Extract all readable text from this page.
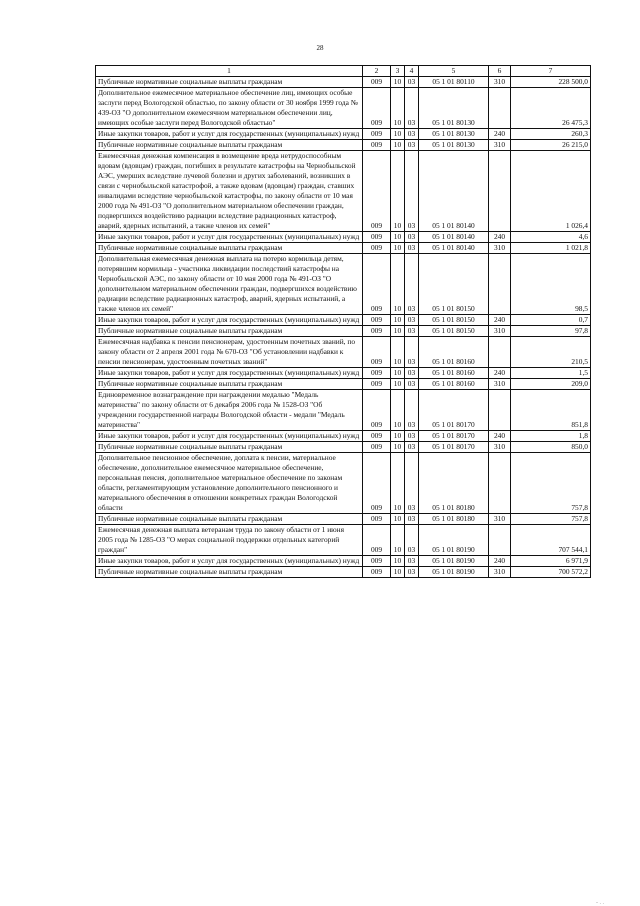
28
1	2	3	4	5	6	7
Публичные нормативные социальные выплаты гражданам	009	10	03	05 1 01 80110	310	228 500,0
Дополнительное ежемесячное материальное обеспечение лиц, имеющих особые заслуги перед Вологодской областью, по закону области от 30 ноября 1999 года № 439-ОЗ "О дополнительном ежемесячном материальном обеспечении лиц, имеющих особые заслуги перед Вологодской областью"	009	10	03	05 1 01 80130		26 475,3
Иные закупки товаров, работ и услуг для государственных (муниципальных) нужд	009	10	03	05 1 01 80130	240	260,3
Публичные нормативные социальные выплаты гражданам	009	10	03	05 1 01 80130	310	26 215,0
Ежемесячная денежная компенсация в возмещение вреда нетрудоспособным вдовам (вдовцам) граждан, погибших в результате катастрофы на Чернобыльской АЭС, умерших вследствие лучевой болезни и других заболеваний, возникших в связи с чернобыльской катастрофой, а также вдовам (вдовцам) граждан, ставших инвалидами вследствие чернобыльской катастрофы, по закону области от 10 мая 2000 года № 491-ОЗ "О дополнительном материальном обеспечении граждан, подвергшихся воздействию радиации вследствие радиационных катастроф, аварий, ядерных испытаний, а также членов их семей"	009	10	03	05 1 01 80140		1 026,4
Иные закупки товаров, работ и услуг для государственных (муниципальных) нужд	009	10	03	05 1 01 80140	240	4,6
Публичные нормативные социальные выплаты гражданам	009	10	03	05 1 01 80140	310	1 021,8
Дополнительная ежемесячная денежная выплата на потерю кормильца детям, потерявшим кормильца - участника ликвидации последствий катастрофы на Чернобыльской АЭС, по закону области от 10 мая 2000 года № 491-ОЗ "О дополнительном материальном обеспечении граждан, подвергшихся воздействию радиации вследствие радиационных катастроф, аварий, ядерных испытаний, а также членов их семей"	009	10	03	05 1 01 80150		98,5
Иные закупки товаров, работ и услуг для государственных (муниципальных) нужд	009	10	03	05 1 01 80150	240	0,7
Публичные нормативные социальные выплаты гражданам	009	10	03	05 1 01 80150	310	97,8
Ежемесячная надбавка к пенсии пенсионерам, удостоенным почетных званий, по закону области от 2 апреля 2001 года № 670-ОЗ "Об установлении надбавки к пенсии пенсионерам, удостоенным почетных званий"	009	10	03	05 1 01 80160		210,5
Иные закупки товаров, работ и услуг для государственных (муниципальных) нужд	009	10	03	05 1 01 80160	240	1,5
Публичные нормативные социальные выплаты гражданам	009	10	03	05 1 01 80160	310	209,0
Единовременное вознаграждение при награждении медалью "Медаль материнства" по закону области от 6 декабря 2006 года № 1528-ОЗ "Об учреждении государственной награды Вологодской области - медали "Медаль материнства"	009	10	03	05 1 01 80170		851,8
Иные закупки товаров, работ и услуг для государственных (муниципальных) нужд	009	10	03	05 1 01 80170	240	1,8
Публичные нормативные социальные выплаты гражданам	009	10	03	05 1 01 80170	310	850,0
Дополнительное пенсионное обеспечение, доплата к пенсии, материальное обеспечение, дополнительное ежемесячное материальное обеспечение, персональная пенсия, дополнительное материальное обеспечение по законам области, регламентирующим установление дополнительного пенсионного и материального обеспечения в отношении конкретных граждан Вологодской области	009	10	03	05 1 01 80180		757,8
Публичные нормативные социальные выплаты гражданам	009	10	03	05 1 01 80180	310	757,8
Ежемесячная денежная выплата ветеранам труда по закону области от 1 июня 2005 года № 1285-ОЗ "О мерах социальной поддержки отдельных категорий граждан"	009	10	03	05 1 01 80190		707 544,1
Иные закупки товаров, работ и услуг для государственных (муниципальных) нужд	009	10	03	05 1 01 80190	240	6 971,9
Публичные нормативные социальные выплаты гражданам	009	10	03	05 1 01 80190	310	700 572,2
- . .
